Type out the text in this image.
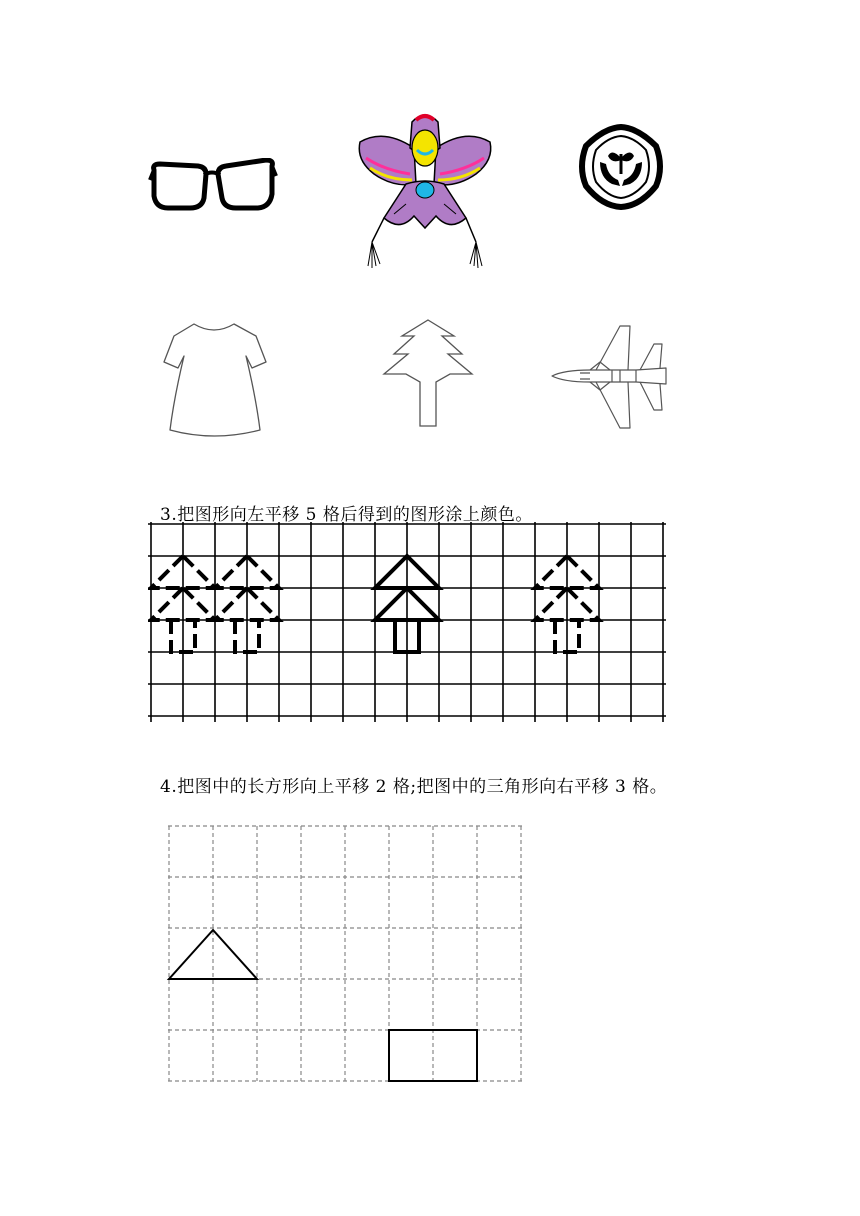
3.把图形向左平移 5 格后得到的图形涂上颜色。
4.把图中的长方形向上平移 2 格;把图中的三角形向右平移 3 格。
